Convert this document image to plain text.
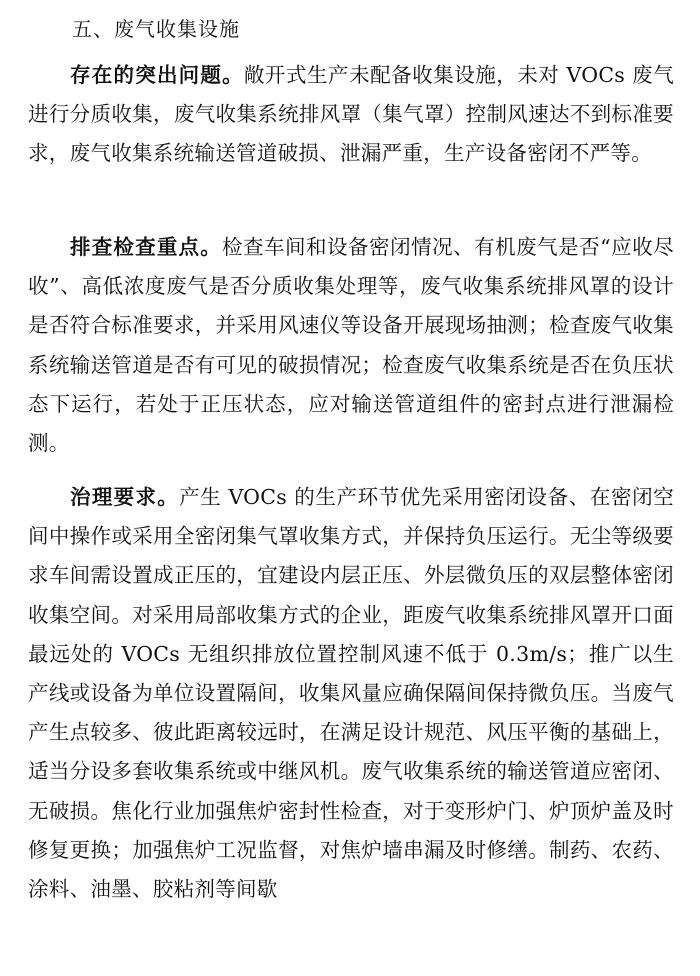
五、废气收集设施

存在的突出问题。敞开式生产未配备收集设施，未对 VOCs 废气进行分质收集，废气收集系统排风罩（集气罩）控制风速达不到标准要求，废气收集系统输送管道破损、泄漏严重，生产设备密闭不严等。

排查检查重点。检查车间和设备密闭情况、有机废气是否“应收尽收”、高低浓度废气是否分质收集处理等，废气收集系统排风罩的设计是否符合标准要求，并采用风速仪等设备开展现场抽测；检查废气收集系统输送管道是否有可见的破损情况；检查废气收集系统是否在负压状态下运行，若处于正压状态，应对输送管道组件的密封点进行泄漏检测。

治理要求。产生 VOCs 的生产环节优先采用密闭设备、在密闭空间中操作或采用全密闭集气罩收集方式，并保持负压运行。无尘等级要求车间需设置成正压的，宜建设内层正压、外层微负压的双层整体密闭收集空间。对采用局部收集方式的企业，距废气收集系统排风罩开口面最远处的 VOCs 无组织排放位置控制风速不低于 0.3m/s；推广以生产线或设备为单位设置隔间，收集风量应确保隔间保持微负压。当废气产生点较多、彼此距离较远时，在满足设计规范、风压平衡的基础上，适当分设多套收集系统或中继风机。废气收集系统的输送管道应密闭、无破损。焦化行业加强焦炉密封性检查，对于变形炉门、炉顶炉盖及时修复更换；加强焦炉工况监督，对焦炉墙串漏及时修缮。制药、农药、涂料、油墨、胶粘剂等间歇
